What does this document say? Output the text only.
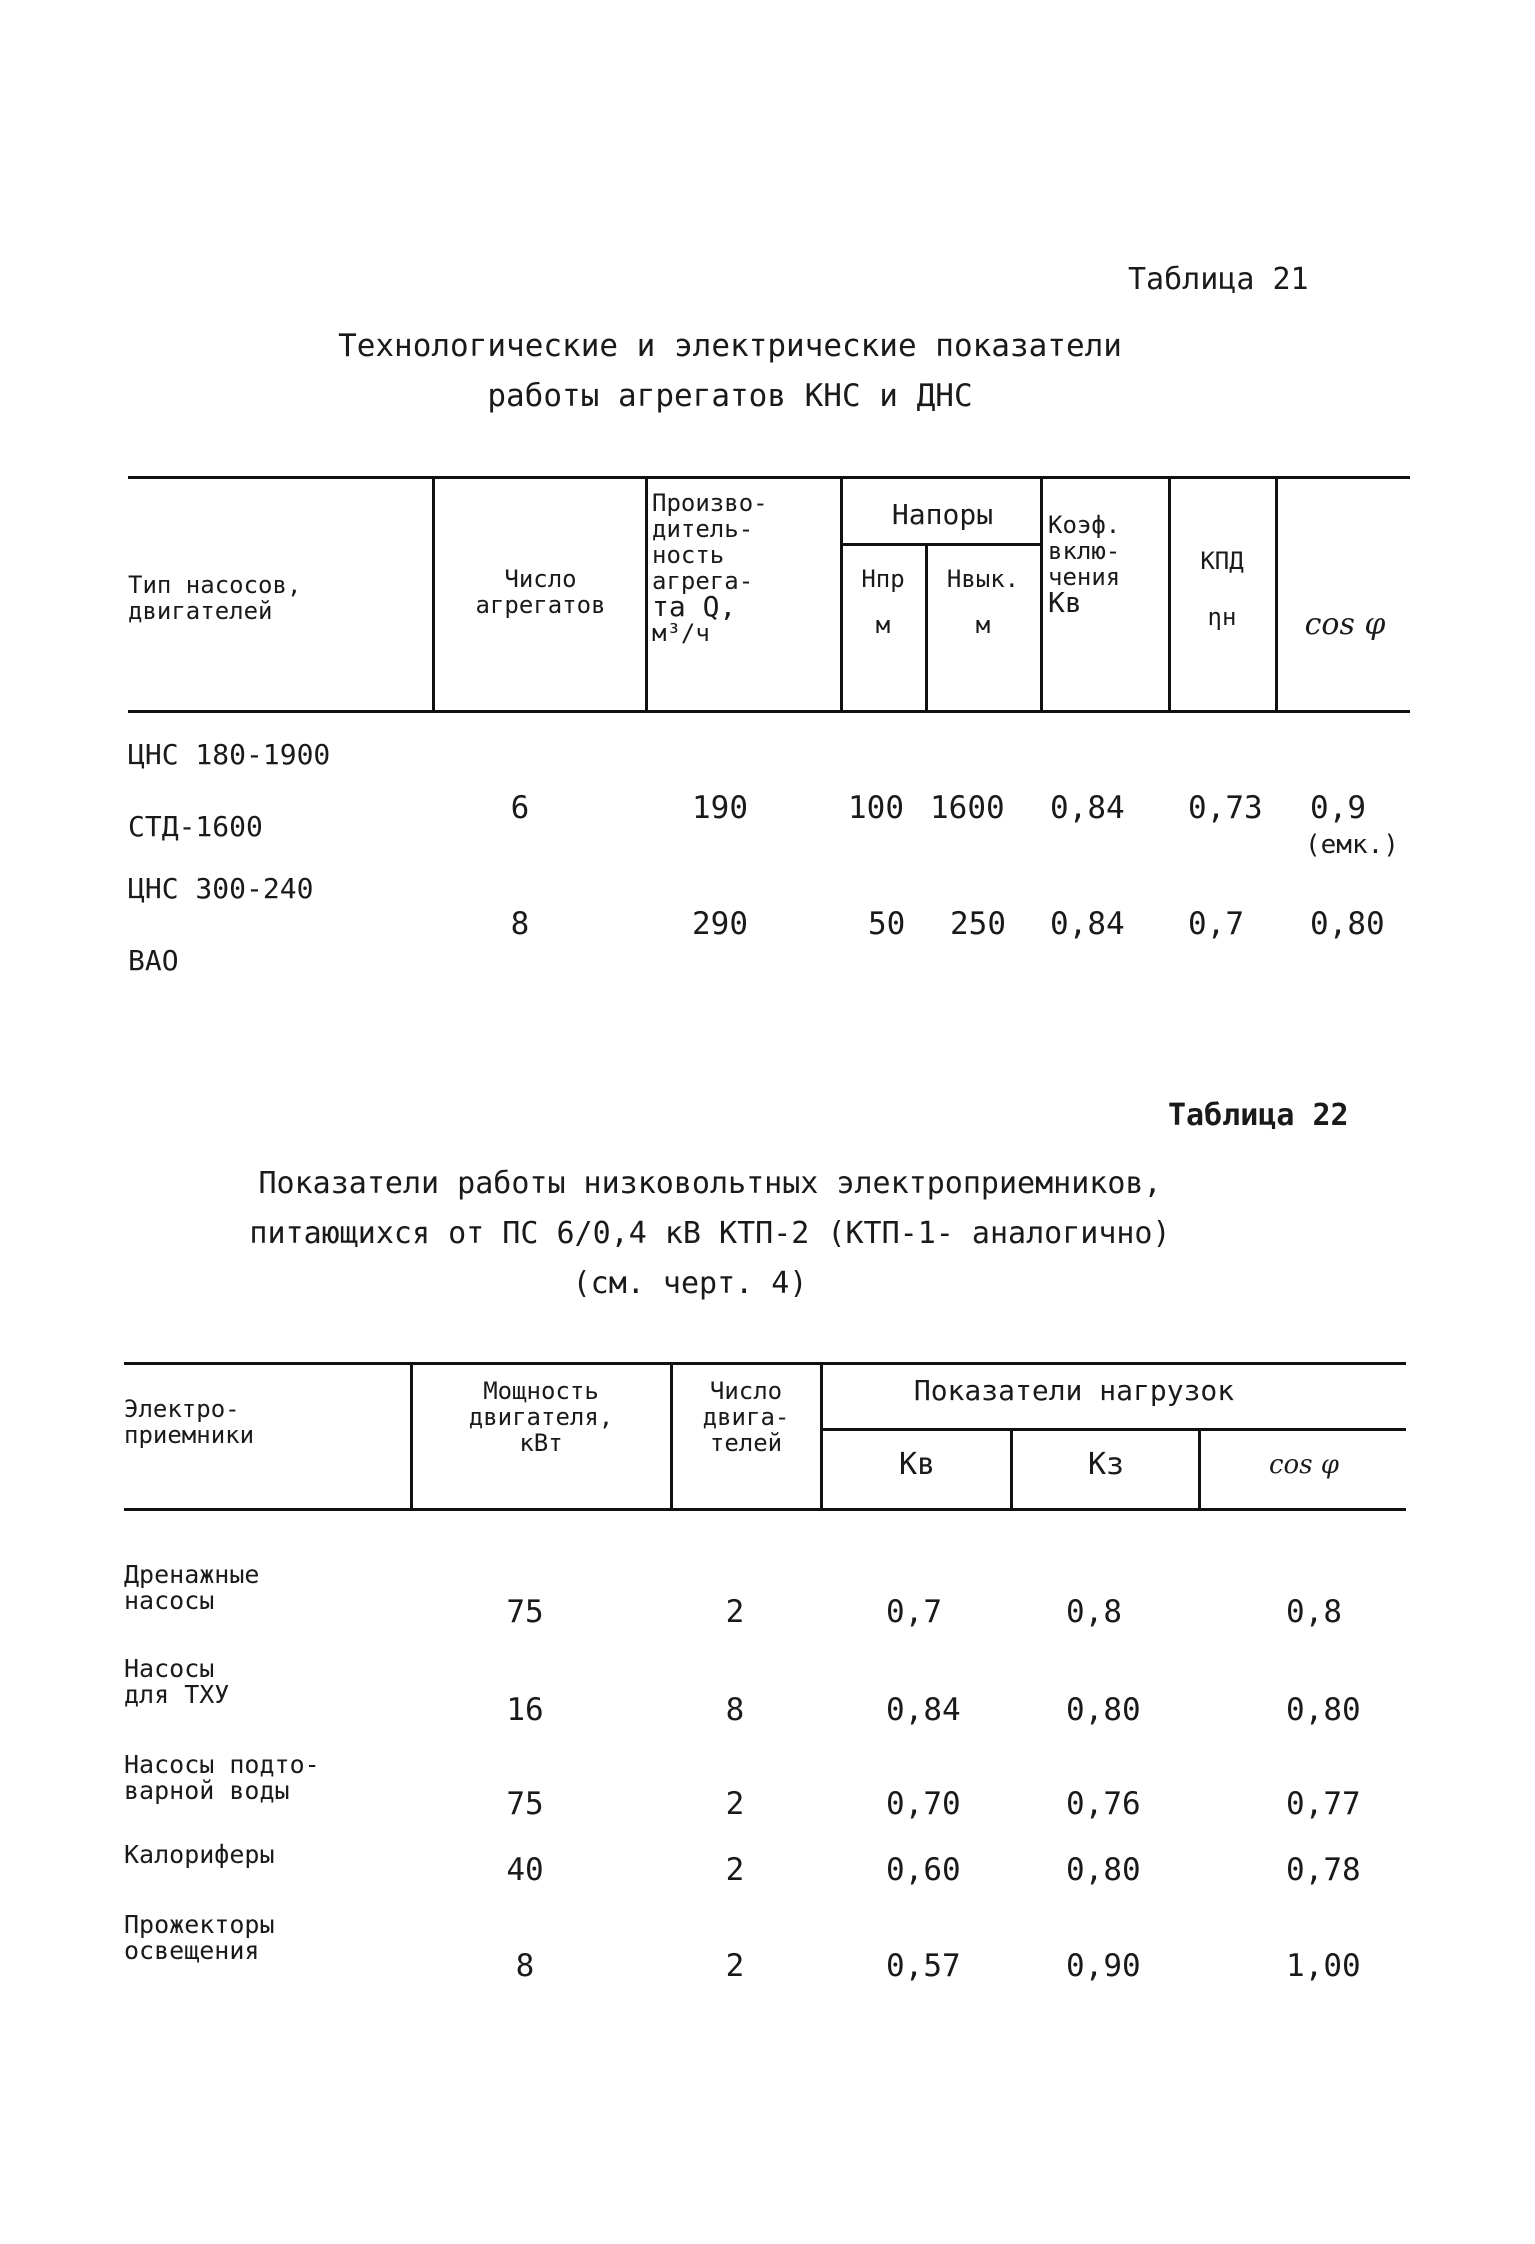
Таблица 21
Технологические и электрические показатели
работы агрегатов КНС и ДНС
Тип насосов,
двигателей
Число
агрегатов
Произво-
дитель-
ность
агрега-
та Q,
м³/ч
Напоры
Нпр
м
Нвык.
м
Коэф.
вклю-
чения
Кв
КПД
ηн	cos φ
ЦНС 180-1900
СТД-1600
6	190	100 1600 0,84 0,73 0,9
(емк.)
ЦНС 300-240
ВАО
8	290	50 250 0,84 0,7 0,80
Таблица 22
Показатели работы низковольтных электроприемников,
питающихся от ПС 6/0,4 кВ КТП-2 (КТП-1- аналогично)
(см. черт. 4)
Электро-
приемники
Мощность
двигателя,
кВт
Число
двига-
телей
Показатели нагрузок
Кв	Кз	cos φ
Дренажные
насосы	75	2	0,7	0,8	0,8
Насосы
для ТХУ	16	8	0,84	0,80	0,80
Насосы подто-
варной воды	75	2	0,70	0,76	0,77
Калориферы	40	2	0,60	0,80	0,78
Прожекторы
освещения	8	2	0,57	0,90	1,00
